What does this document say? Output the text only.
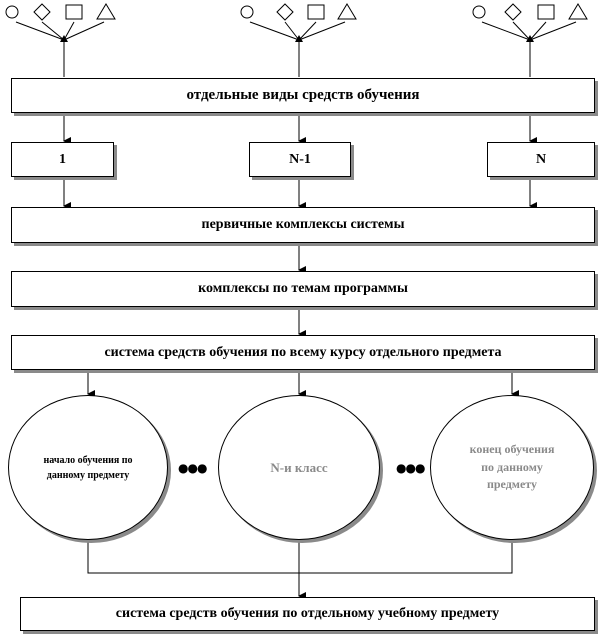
отдельные виды средств обучения
1	N-1	N
первичные комплексы системы
комплексы по темам программы
система средств обучения по всему курсу отдельного предмета
начало обучения по данному предмету	●●●	N-и класс	●●●
конец обучения по данному предмету
система средств обучения по отдельному учебному предмету
